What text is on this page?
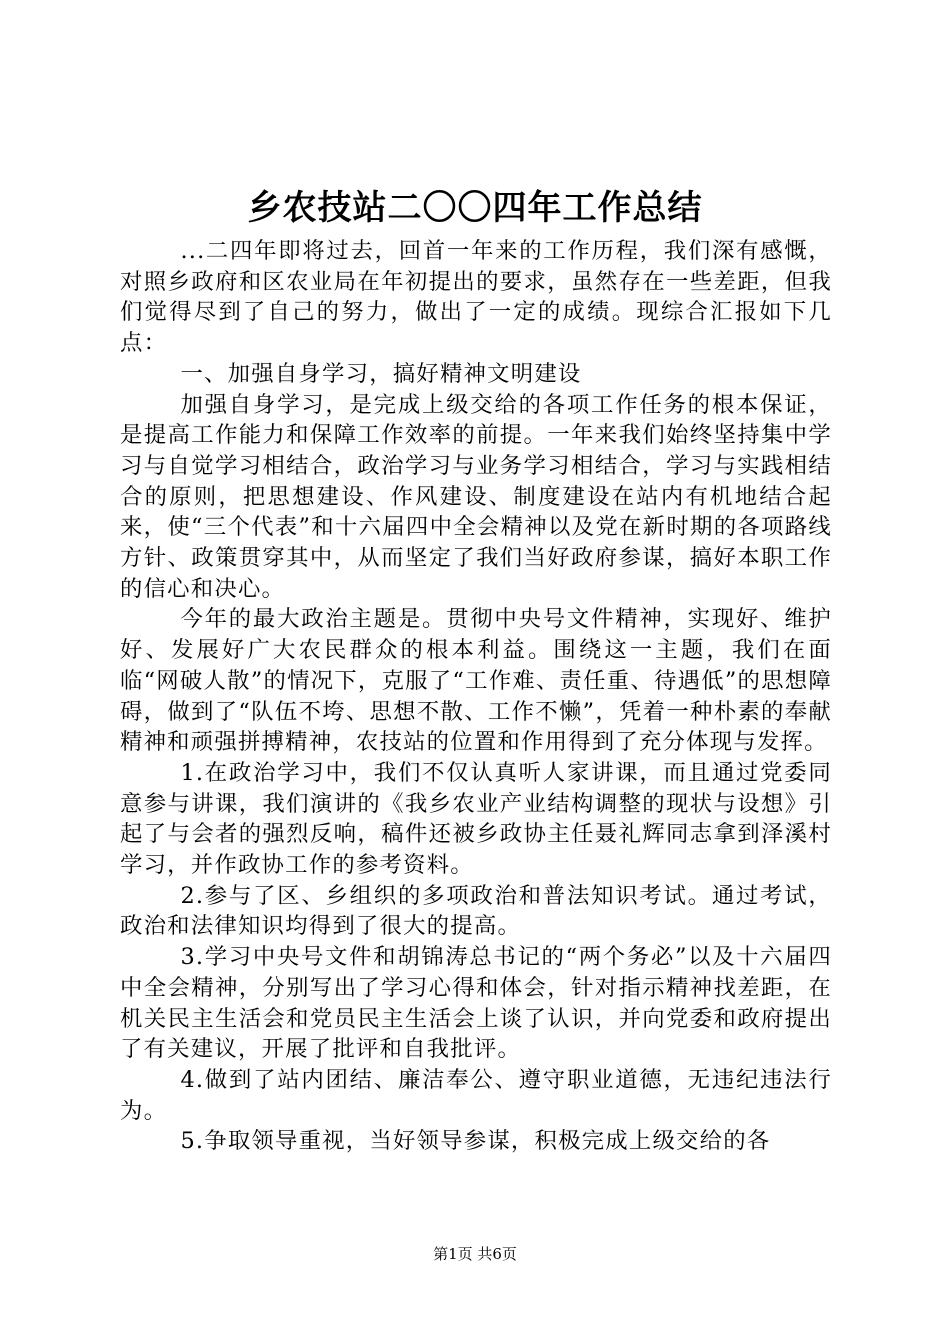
乡农技站二〇〇四年工作总结

...二四年即将过去，回首一年来的工作历程，我们深有感慨，对照乡政府和区农业局在年初提出的要求，虽然存在一些差距，但我们觉得尽到了自己的努力，做出了一定的成绩。现综合汇报如下几点：

一、加强自身学习，搞好精神文明建设

加强自身学习，是完成上级交给的各项工作任务的根本保证，是提高工作能力和保障工作效率的前提。一年来我们始终坚持集中学习与自觉学习相结合，政治学习与业务学习相结合，学习与实践相结合的原则，把思想建设、作风建设、制度建设在站内有机地结合起来，使“三个代表”和十六届四中全会精神以及党在新时期的各项路线方针、政策贯穿其中，从而坚定了我们当好政府参谋，搞好本职工作的信心和决心。

今年的最大政治主题是。贯彻中央号文件精神，实现好、维护好、发展好广大农民群众的根本利益。围绕这一主题，我们在面临“网破人散”的情况下，克服了“工作难、责任重、待遇低”的思想障碍，做到了“队伍不垮、思想不散、工作不懒”，凭着一种朴素的奉献精神和顽强拼搏精神，农技站的位置和作用得到了充分体现与发挥。

1.在政治学习中，我们不仅认真听人家讲课，而且通过党委同意参与讲课，我们演讲的《我乡农业产业结构调整的现状与设想》引起了与会者的强烈反响，稿件还被乡政协主任聂礼辉同志拿到泽溪村学习，并作政协工作的参考资料。

2.参与了区、乡组织的多项政治和普法知识考试。通过考试，政治和法律知识均得到了很大的提高。

3.学习中央号文件和胡锦涛总书记的“两个务必”以及十六届四中全会精神，分别写出了学习心得和体会，针对指示精神找差距，在机关民主生活会和党员民主生活会上谈了认识，并向党委和政府提出了有关建议，开展了批评和自我批评。

4.做到了站内团结、廉洁奉公、遵守职业道德，无违纪违法行为。

5.争取领导重视，当好领导参谋，积极完成上级交给的各

第1页 共6页
